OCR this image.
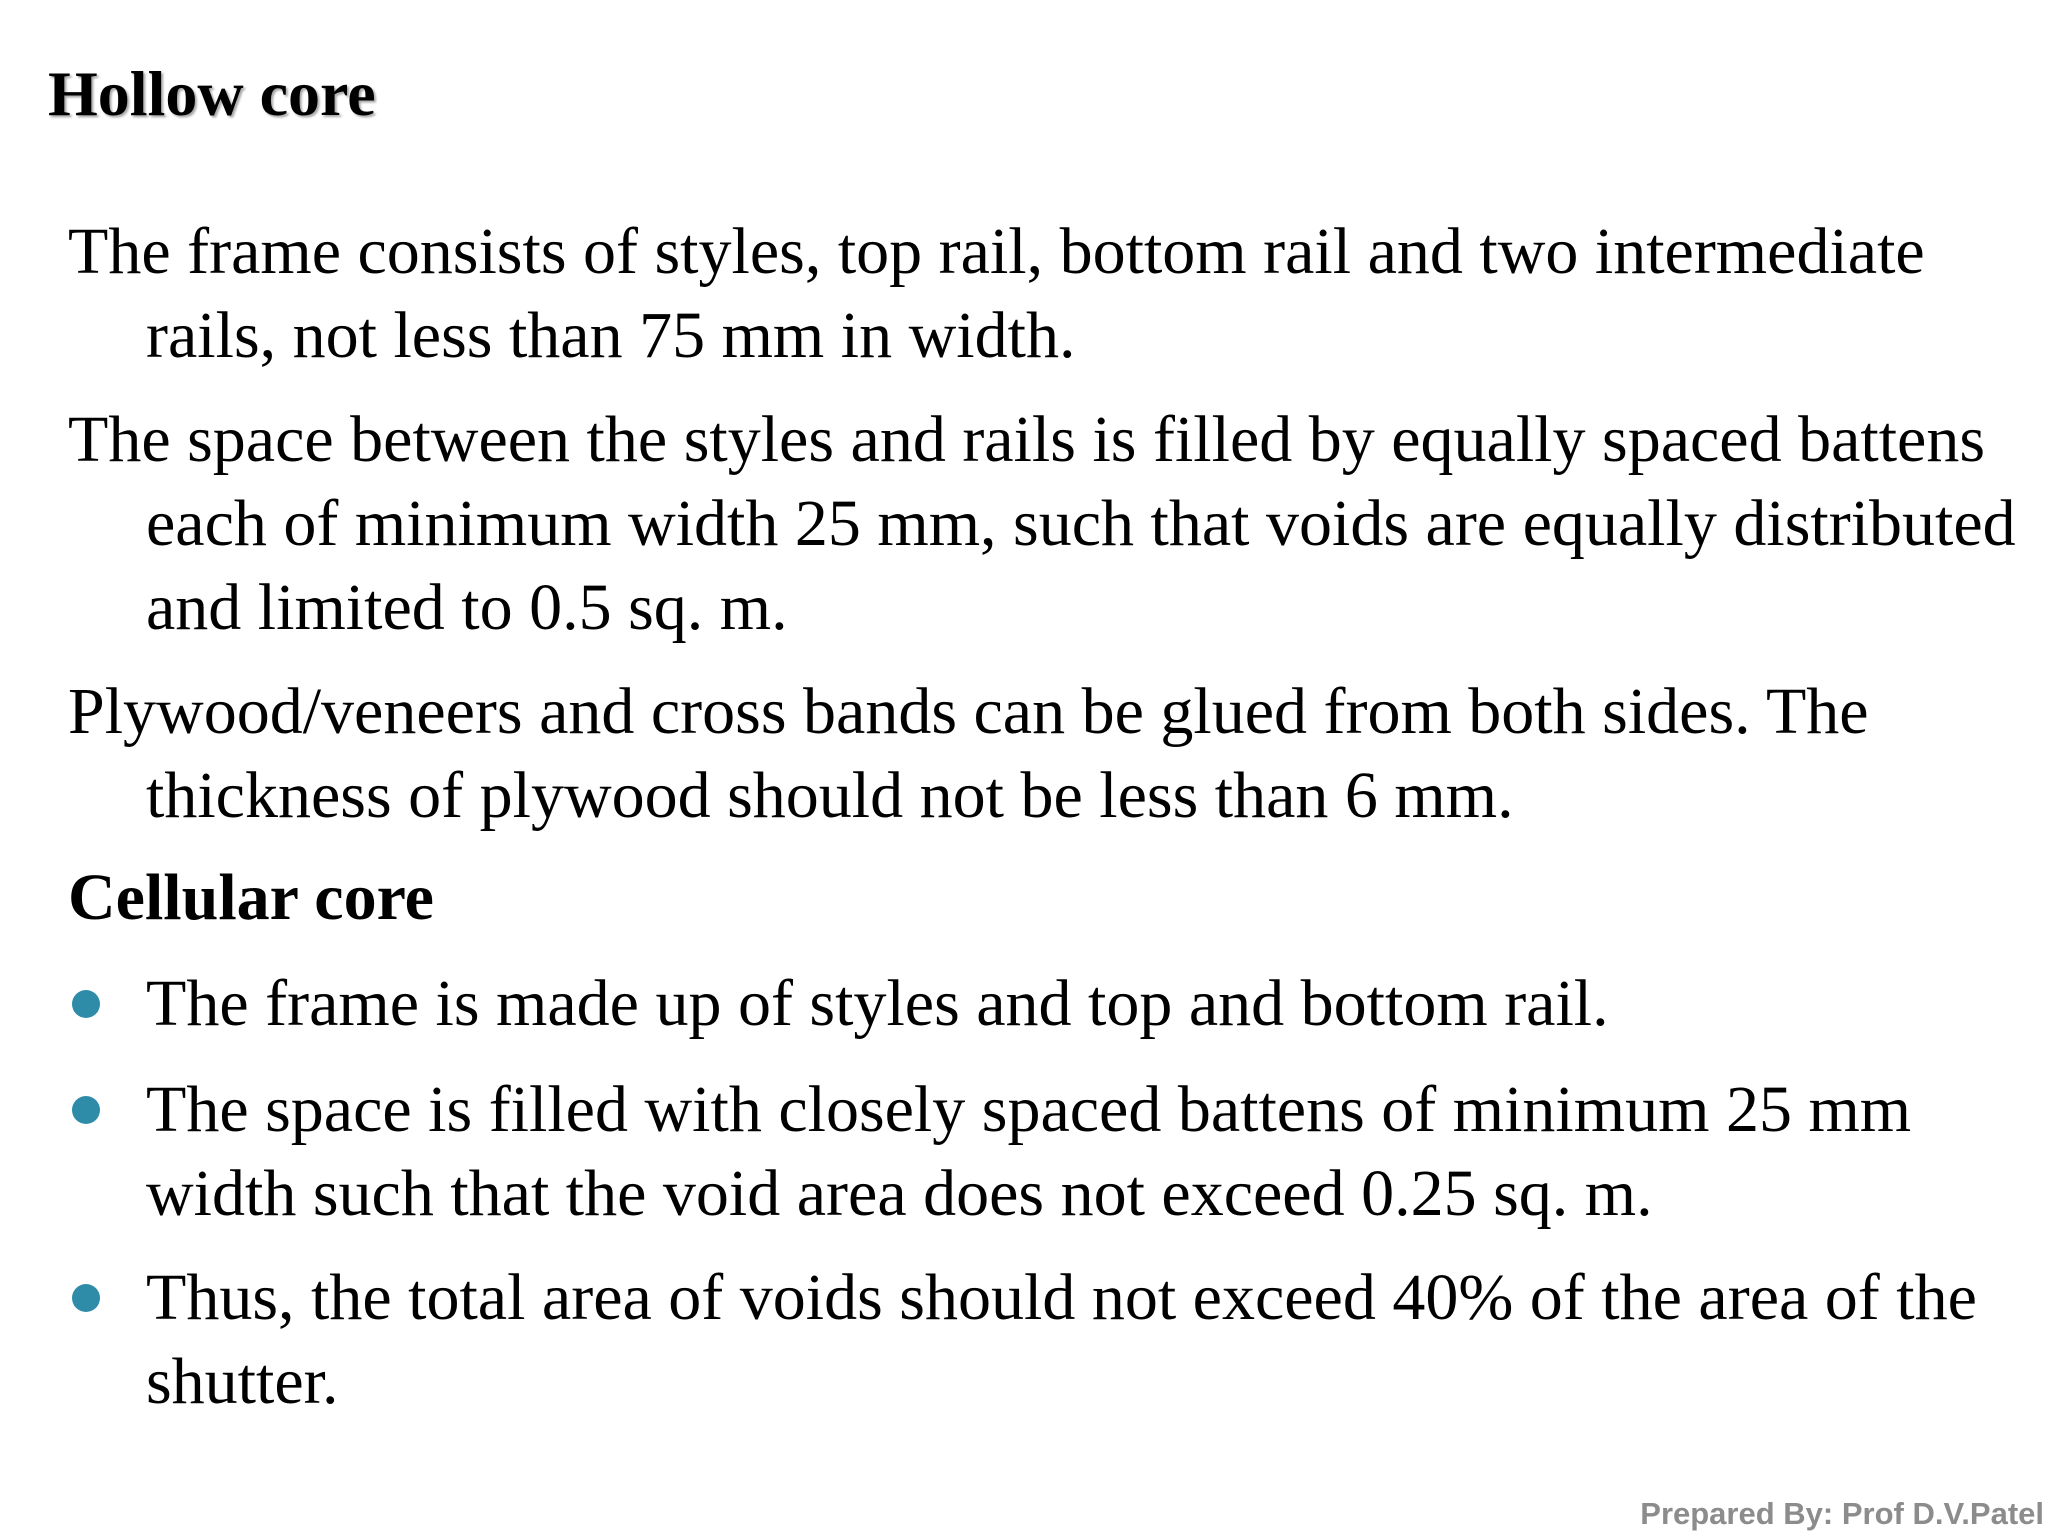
Hollow core
The frame consists of styles, top rail, bottom rail and two intermediate rails, not less than 75 mm in width.
The space between the styles and rails is filled by equally spaced battens each of minimum width 25 mm, such that voids are equally distributed and limited to 0.5 sq. m.
Plywood/veneers and cross bands can be glued from both sides. The thickness of plywood should not be less than 6 mm.
Cellular core
The frame is made up of styles and top and bottom rail.
The space is filled with closely spaced battens of minimum 25 mm width such that the void area does not exceed 0.25 sq. m.
Thus, the total area of voids should not exceed 40% of the area of the shutter.
Prepared By: Prof D.V.Patel
